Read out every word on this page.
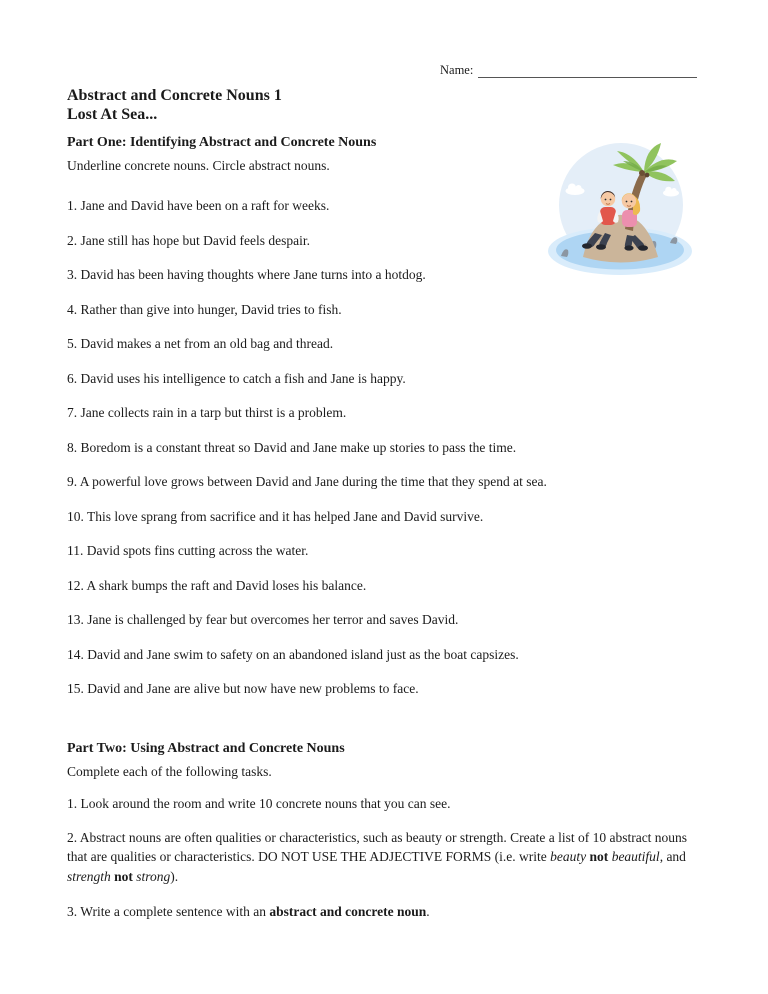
Name:
Abstract and Concrete Nouns 1
Lost At Sea...
Part One: Identifying Abstract and Concrete Nouns
Underline concrete nouns. Circle abstract nouns.
1. Jane and David have been on a raft for weeks.
2. Jane still has hope but David feels despair.
3. David has been having thoughts where Jane turns into a hotdog.
4. Rather than give into hunger, David tries to fish.
5. David makes a net from an old bag and thread.
6. David uses his intelligence to catch a fish and Jane is happy.
7. Jane collects rain in a tarp but thirst is a problem.
8. Boredom is a constant threat so David and Jane make up stories to pass the time.
9. A powerful love grows between David and Jane during the time that they spend at sea.
10. This love sprang from sacrifice and it has helped Jane and David survive.
11. David spots fins cutting across the water.
12. A shark bumps the raft and David loses his balance.
13. Jane is challenged by fear but overcomes her terror and saves David.
14. David and Jane swim to safety on an abandoned island just as the boat capsizes.
15. David and Jane are alive but now have new problems to face.
Part Two: Using Abstract and Concrete Nouns
Complete each of the following tasks.
1. Look around the room and write 10 concrete nouns that you can see.
2. Abstract nouns are often qualities or characteristics, such as beauty or strength. Create a list of 10 abstract nouns that are qualities or characteristics. DO NOT USE THE ADJECTIVE FORMS (i.e. write beauty not beautiful, and strength not strong).
3. Write a complete sentence with an abstract and concrete noun.
